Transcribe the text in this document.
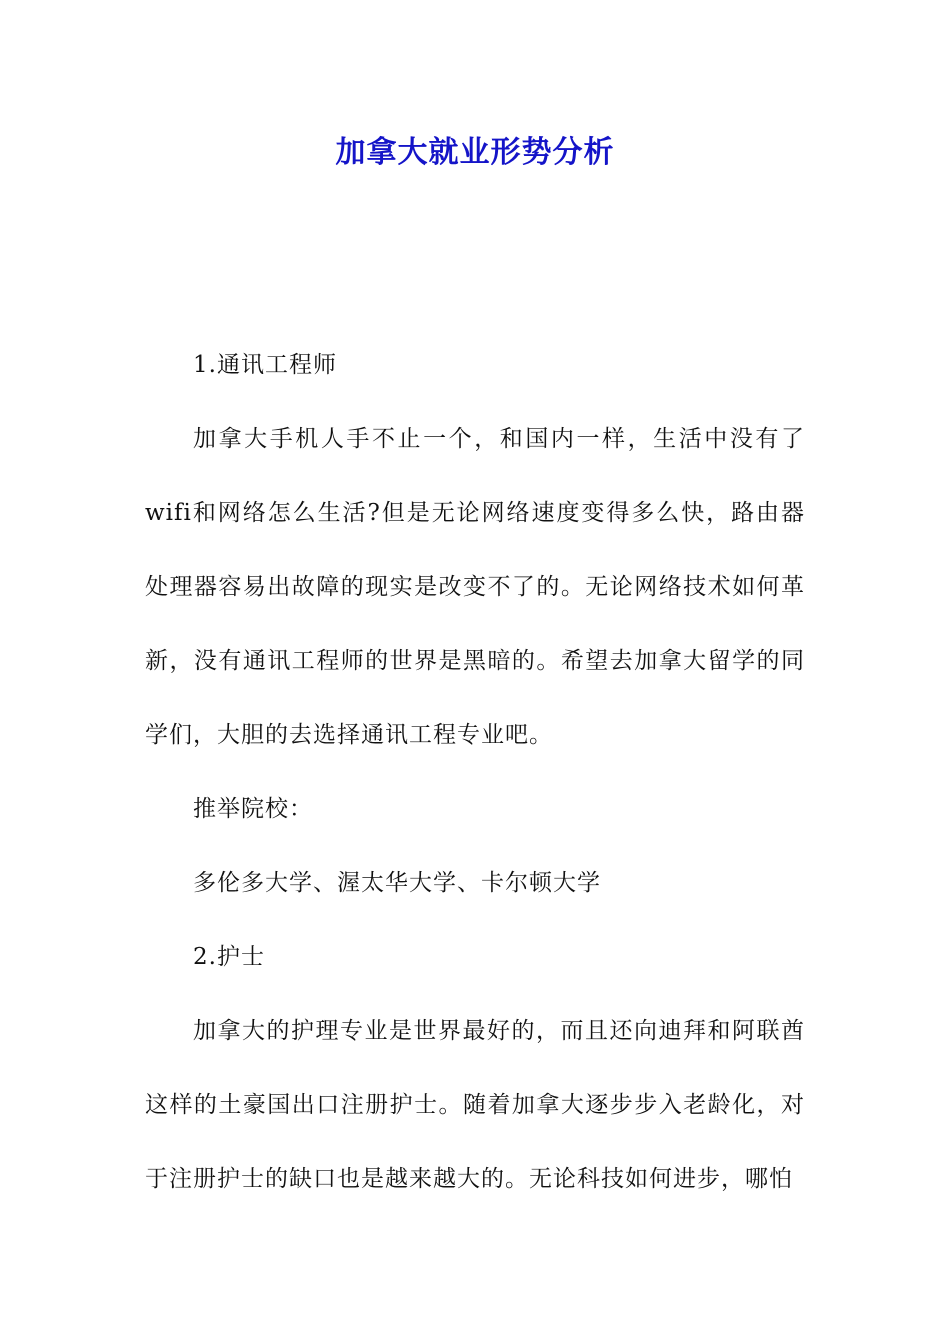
加拿大就业形势分析

1.通讯工程师

加拿大手机人手不止一个，和国内一样，生活中没有了wifi和网络怎么生活?但是无论网络速度变得多么快，路由器处理器容易出故障的现实是改变不了的。无论网络技术如何革新，没有通讯工程师的世界是黑暗的。希望去加拿大留学的同学们，大胆的去选择通讯工程专业吧。

推举院校：

多伦多大学、渥太华大学、卡尔顿大学

2.护士

加拿大的护理专业是世界最好的，而且还向迪拜和阿联酋这样的土豪国出口注册护士。随着加拿大逐步步入老龄化，对于注册护士的缺口也是越来越大的。无论科技如何进步，哪怕
